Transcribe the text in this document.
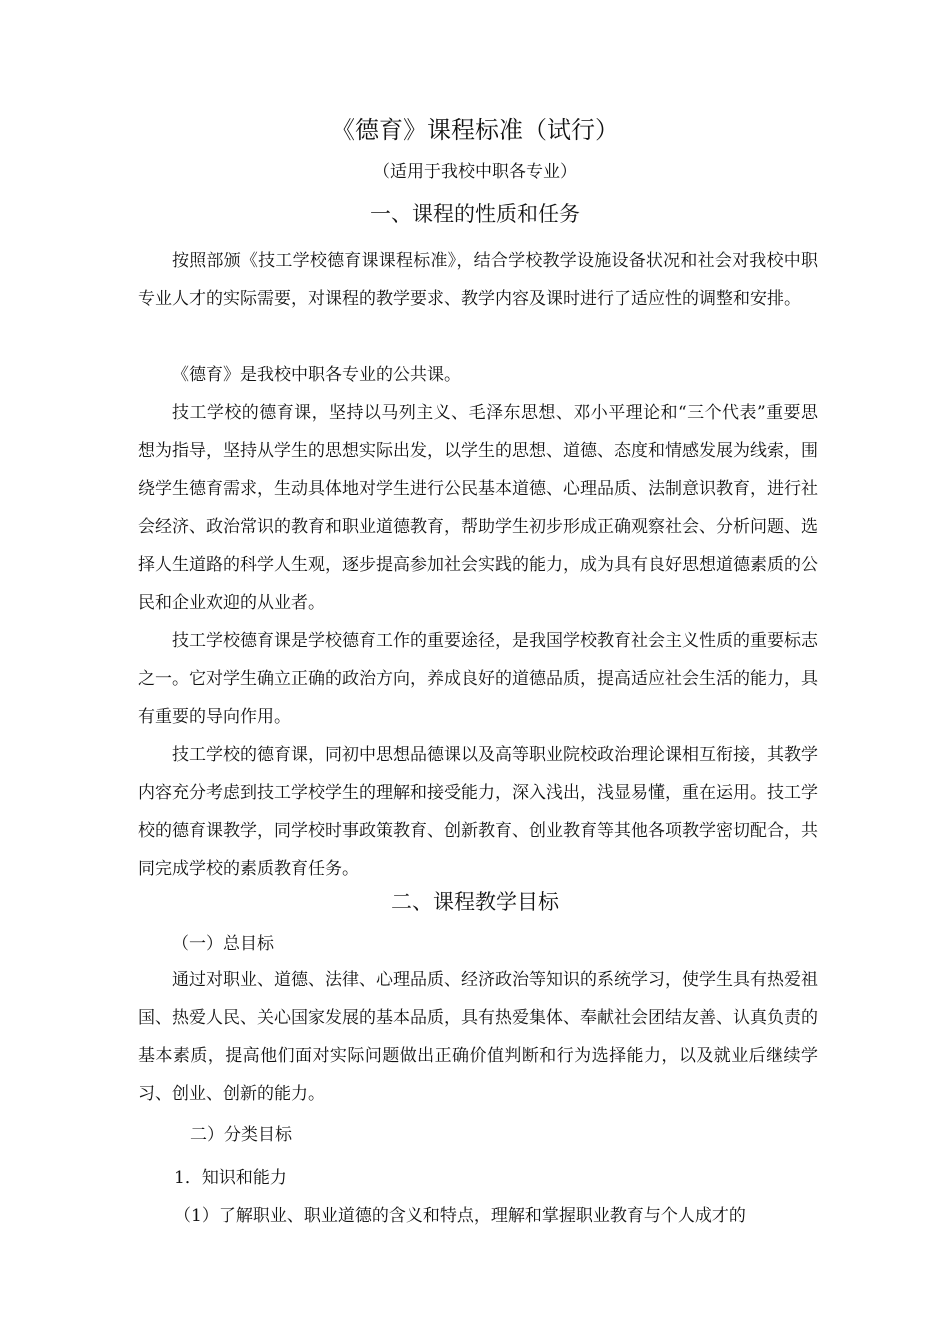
《德育》课程标准（试行）
（适用于我校中职各专业）
一、课程的性质和任务

按照部颁《技工学校德育课课程标准》，结合学校教学设施设备状况和社会对我校中职专业人才的实际需要，对课程的教学要求、教学内容及课时进行了适应性的调整和安排。

《德育》是我校中职各专业的公共课。

技工学校的德育课，坚持以马列主义、毛泽东思想、邓小平理论和“三个代表”重要思想为指导，坚持从学生的思想实际出发，以学生的思想、道德、态度和情感发展为线索，围绕学生德育需求，生动具体地对学生进行公民基本道德、心理品质、法制意识教育，进行社会经济、政治常识的教育和职业道德教育，帮助学生初步形成正确观察社会、分析问题、选择人生道路的科学人生观，逐步提高参加社会实践的能力，成为具有良好思想道德素质的公民和企业欢迎的从业者。

技工学校德育课是学校德育工作的重要途径，是我国学校教育社会主义性质的重要标志之一。它对学生确立正确的政治方向，养成良好的道德品质，提高适应社会生活的能力，具有重要的导向作用。

技工学校的德育课，同初中思想品德课以及高等职业院校政治理论课相互衔接，其教学内容充分考虑到技工学校学生的理解和接受能力，深入浅出，浅显易懂，重在运用。技工学校的德育课教学，同学校时事政策教育、创新教育、创业教育等其他各项教学密切配合，共同完成学校的素质教育任务。

二、课程教学目标
（一）总目标

通过对职业、道德、法律、心理品质、经济政治等知识的系统学习，使学生具有热爱祖国、热爱人民、关心国家发展的基本品质，具有热爱集体、奉献社会团结友善、认真负责的基本素质，提高他们面对实际问题做出正确价值判断和行为选择能力，以及就业后继续学习、创业、创新的能力。

二）分类目标
1．知识和能力
（1）了解职业、职业道德的含义和特点，理解和掌握职业教育与个人成才的
